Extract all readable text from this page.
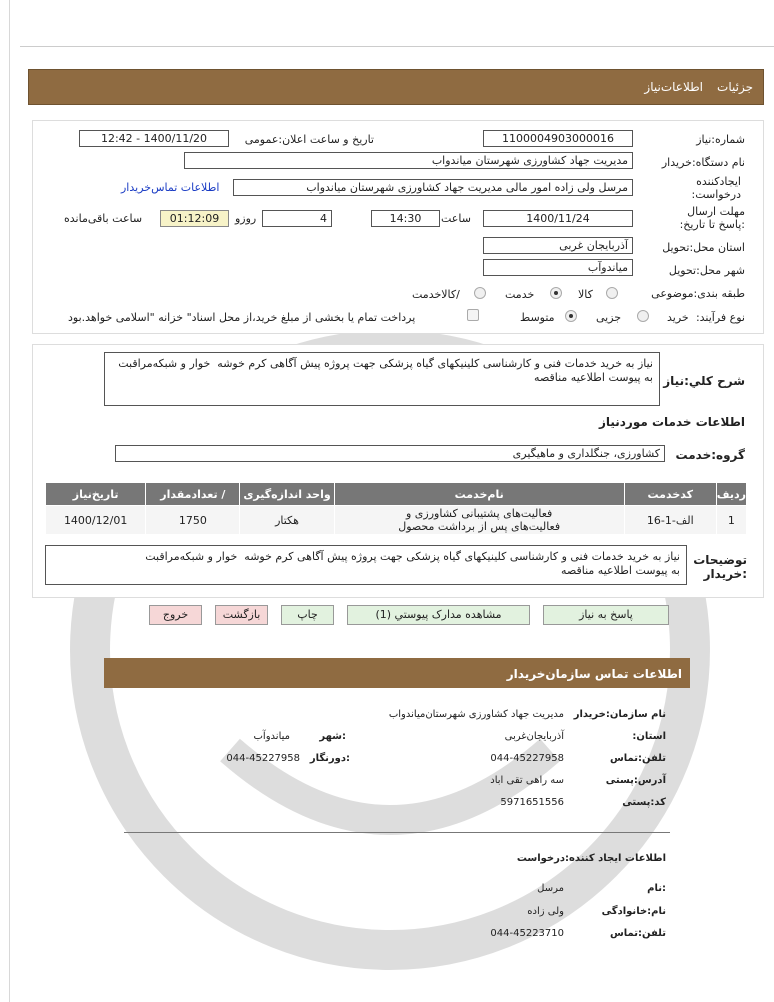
جزئیات
اطلاعات‌نیاز
شماره:نیاز
1100004903000016
تاریخ و ساعت اعلان:عمومی
1400/11/20 - 12:42
نام دستگاه:خریدار
مدیریت جهاد کشاورزی شهرستان میاندواب
ایجادکننده درخواست:
مرسل ولی زاده امور مالی مدیریت جهاد کشاورزی شهرستان میاندواب
اطلاعات تماس‌خریدار
مهلت ارسال :پاسخ تا تاریخ:
1400/11/24
ساعت
14:30
4
روزو
01:12:09
ساعت باقی‌مانده
استان محل:تحویل
آذربایجان غربی
شهر محل:تحویل
میاندوآب
طبقه بندی:موضوعی
کالا
خدمت
/کالاخدمت
نوع فرآیند:
خرید
جزیی
متوسط
پرداخت تمام یا بخشی از مبلغ خرید،از محل اسناد" خزانه "اسلامی خواهد.بود
شرح کلي:نیاز
نیاز به خرید خدمات فنی و کارشناسی کلینیکهای گیاه پزشکی جهت پروژه پیش آگاهی کرم خوشه  خوار و شبکه‌مراقبت
به پیوست اطلاعیه مناقصه
اطلاعات خدمات موردنیاز
گروه:خدمت
کشاورزی، جنگلداری و ماهیگیری
ردیف	کدخدمت	نام‌خدمت	واحد اندازه‌گیری	/ تعدادمقدار	تاریخ‌نیاز
1	الف-1-16	فعالیت‌های پشتیبانی کشاورزی و فعالیت‌های پس از برداشت محصول	هکتار	1750	1400/12/01
توضیحات :خریدار
نیاز به خرید خدمات فنی و کارشناسی کلینیکهای گیاه پزشکی جهت پروژه پیش آگاهی کرم خوشه  خوار و شبکه‌مراقبت
به پیوست اطلاعیه مناقصه
پاسخ به نیاز
مشاهده مدارک پیوستي (1)
چاپ
بازگشت
خروج
اطلاعات تماس سازمان‌خریدار
نام سازمان:خریدار
مدیریت جهاد کشاورزی شهرستان‌میاندواب
استان:
آذربایجان‌غربی
:شهر
میاندوآب
تلفن:تماس
044-45227958
:دورنگار
044-45227958
آدرس:پستی
سه راهی تقی اباد
کد:پستی
5971651556
اطلاعات ایجاد کننده:درخواست
:نام
مرسل
نام:خانوادگی
ولی زاده
تلفن:تماس
044-45223710
